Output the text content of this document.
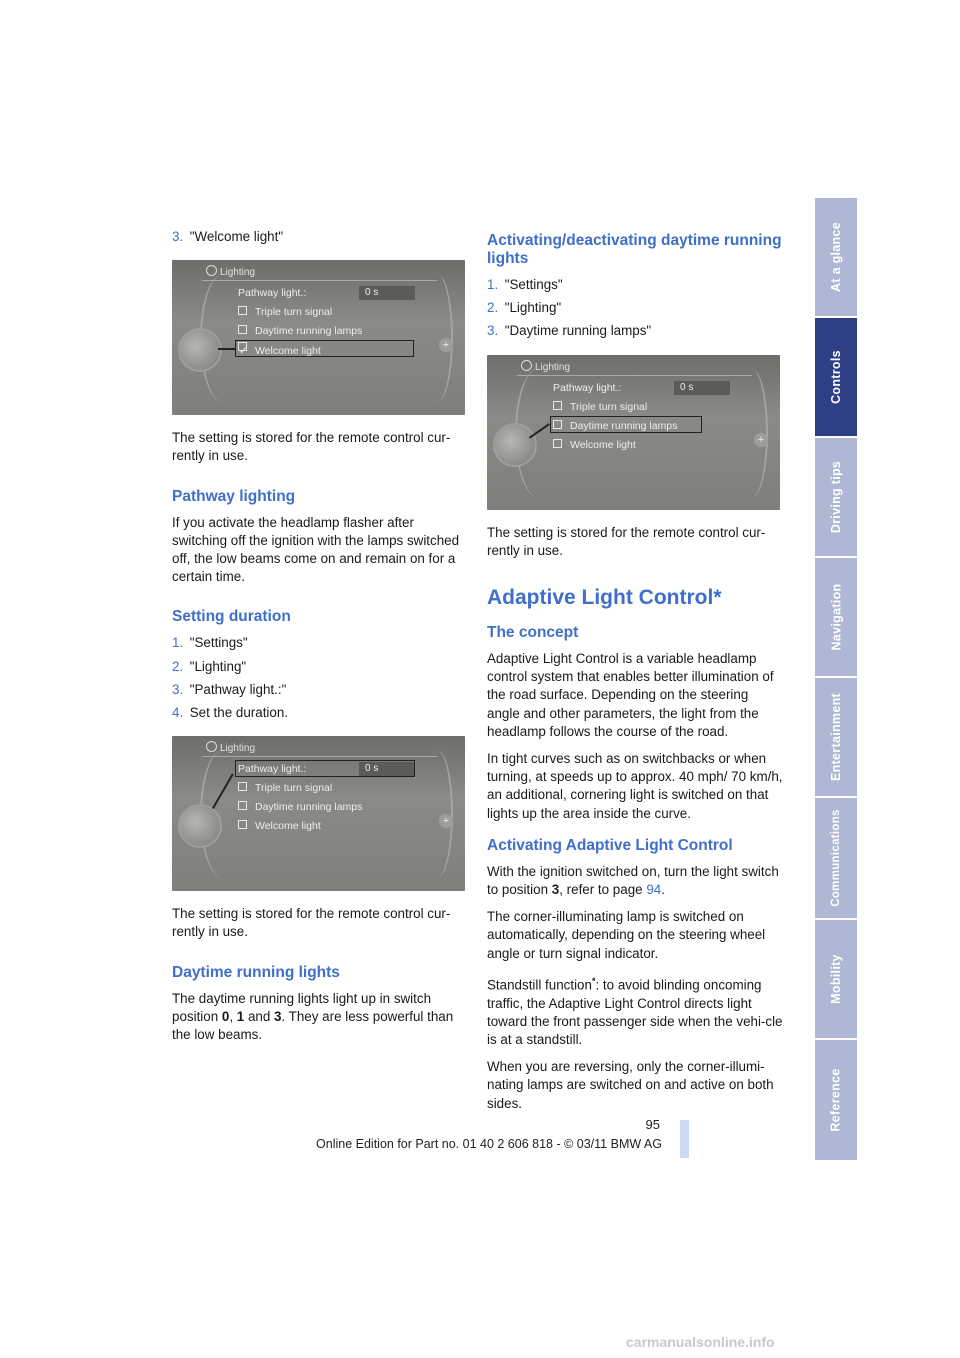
3. "Welcome light"
Lighting
+
Pathway light.:	0 s
Triple turn signal
Daytime running lamps
✓ Welcome light

The setting is stored for the remote control cur-rently in use.

Pathway lighting

If you activate the headlamp flasher after switching off the ignition with the lamps switched off, the low beams come on and remain on for a certain time.

Setting duration
1. "Settings"
2. "Lighting"
3. "Pathway light.:"
4. Set the duration.
Lighting
+
Pathway light.:	0 s
Triple turn signal
Daytime running lamps
Welcome light

The setting is stored for the remote control cur-rently in use.

Daytime running lights

The daytime running lights light up in switch position 0, 1 and 3. They are less powerful than the low beams.

Activating/deactivating daytime running lights
1. "Settings"
2. "Lighting"
3. "Daytime running lamps"
Lighting
+
Pathway light.:	0 s
Triple turn signal
Daytime running lamps
Welcome light

The setting is stored for the remote control cur-rently in use.

Adaptive Light Control*
The concept

Adaptive Light Control is a variable headlamp control system that enables better illumination of the road surface. Depending on the steering angle and other parameters, the light from the headlamp follows the course of the road.

In tight curves such as on switchbacks or when turning, at speeds up to approx. 40 mph/ 70 km/h, an additional, cornering light is switched on that lights up the area inside the curve.

Activating Adaptive Light Control

With the ignition switched on, turn the light switch to position 3, refer to page 94.

The corner-illuminating lamp is switched on automatically, depending on the steering wheel angle or turn signal indicator.

Standstill function*: to avoid blinding oncoming traffic, the Adaptive Light Control directs light toward the front passenger side when the vehi-cle is at a standstill.

When you are reversing, only the corner-illumi-nating lamps are switched on and active on both sides.

At a glance
Controls
Driving tips
Navigation
Entertainment
Communications
Mobility
Reference
95
Online Edition for Part no. 01 40 2 606 818 - © 03/11 BMW AG
carmanualsonline.info
